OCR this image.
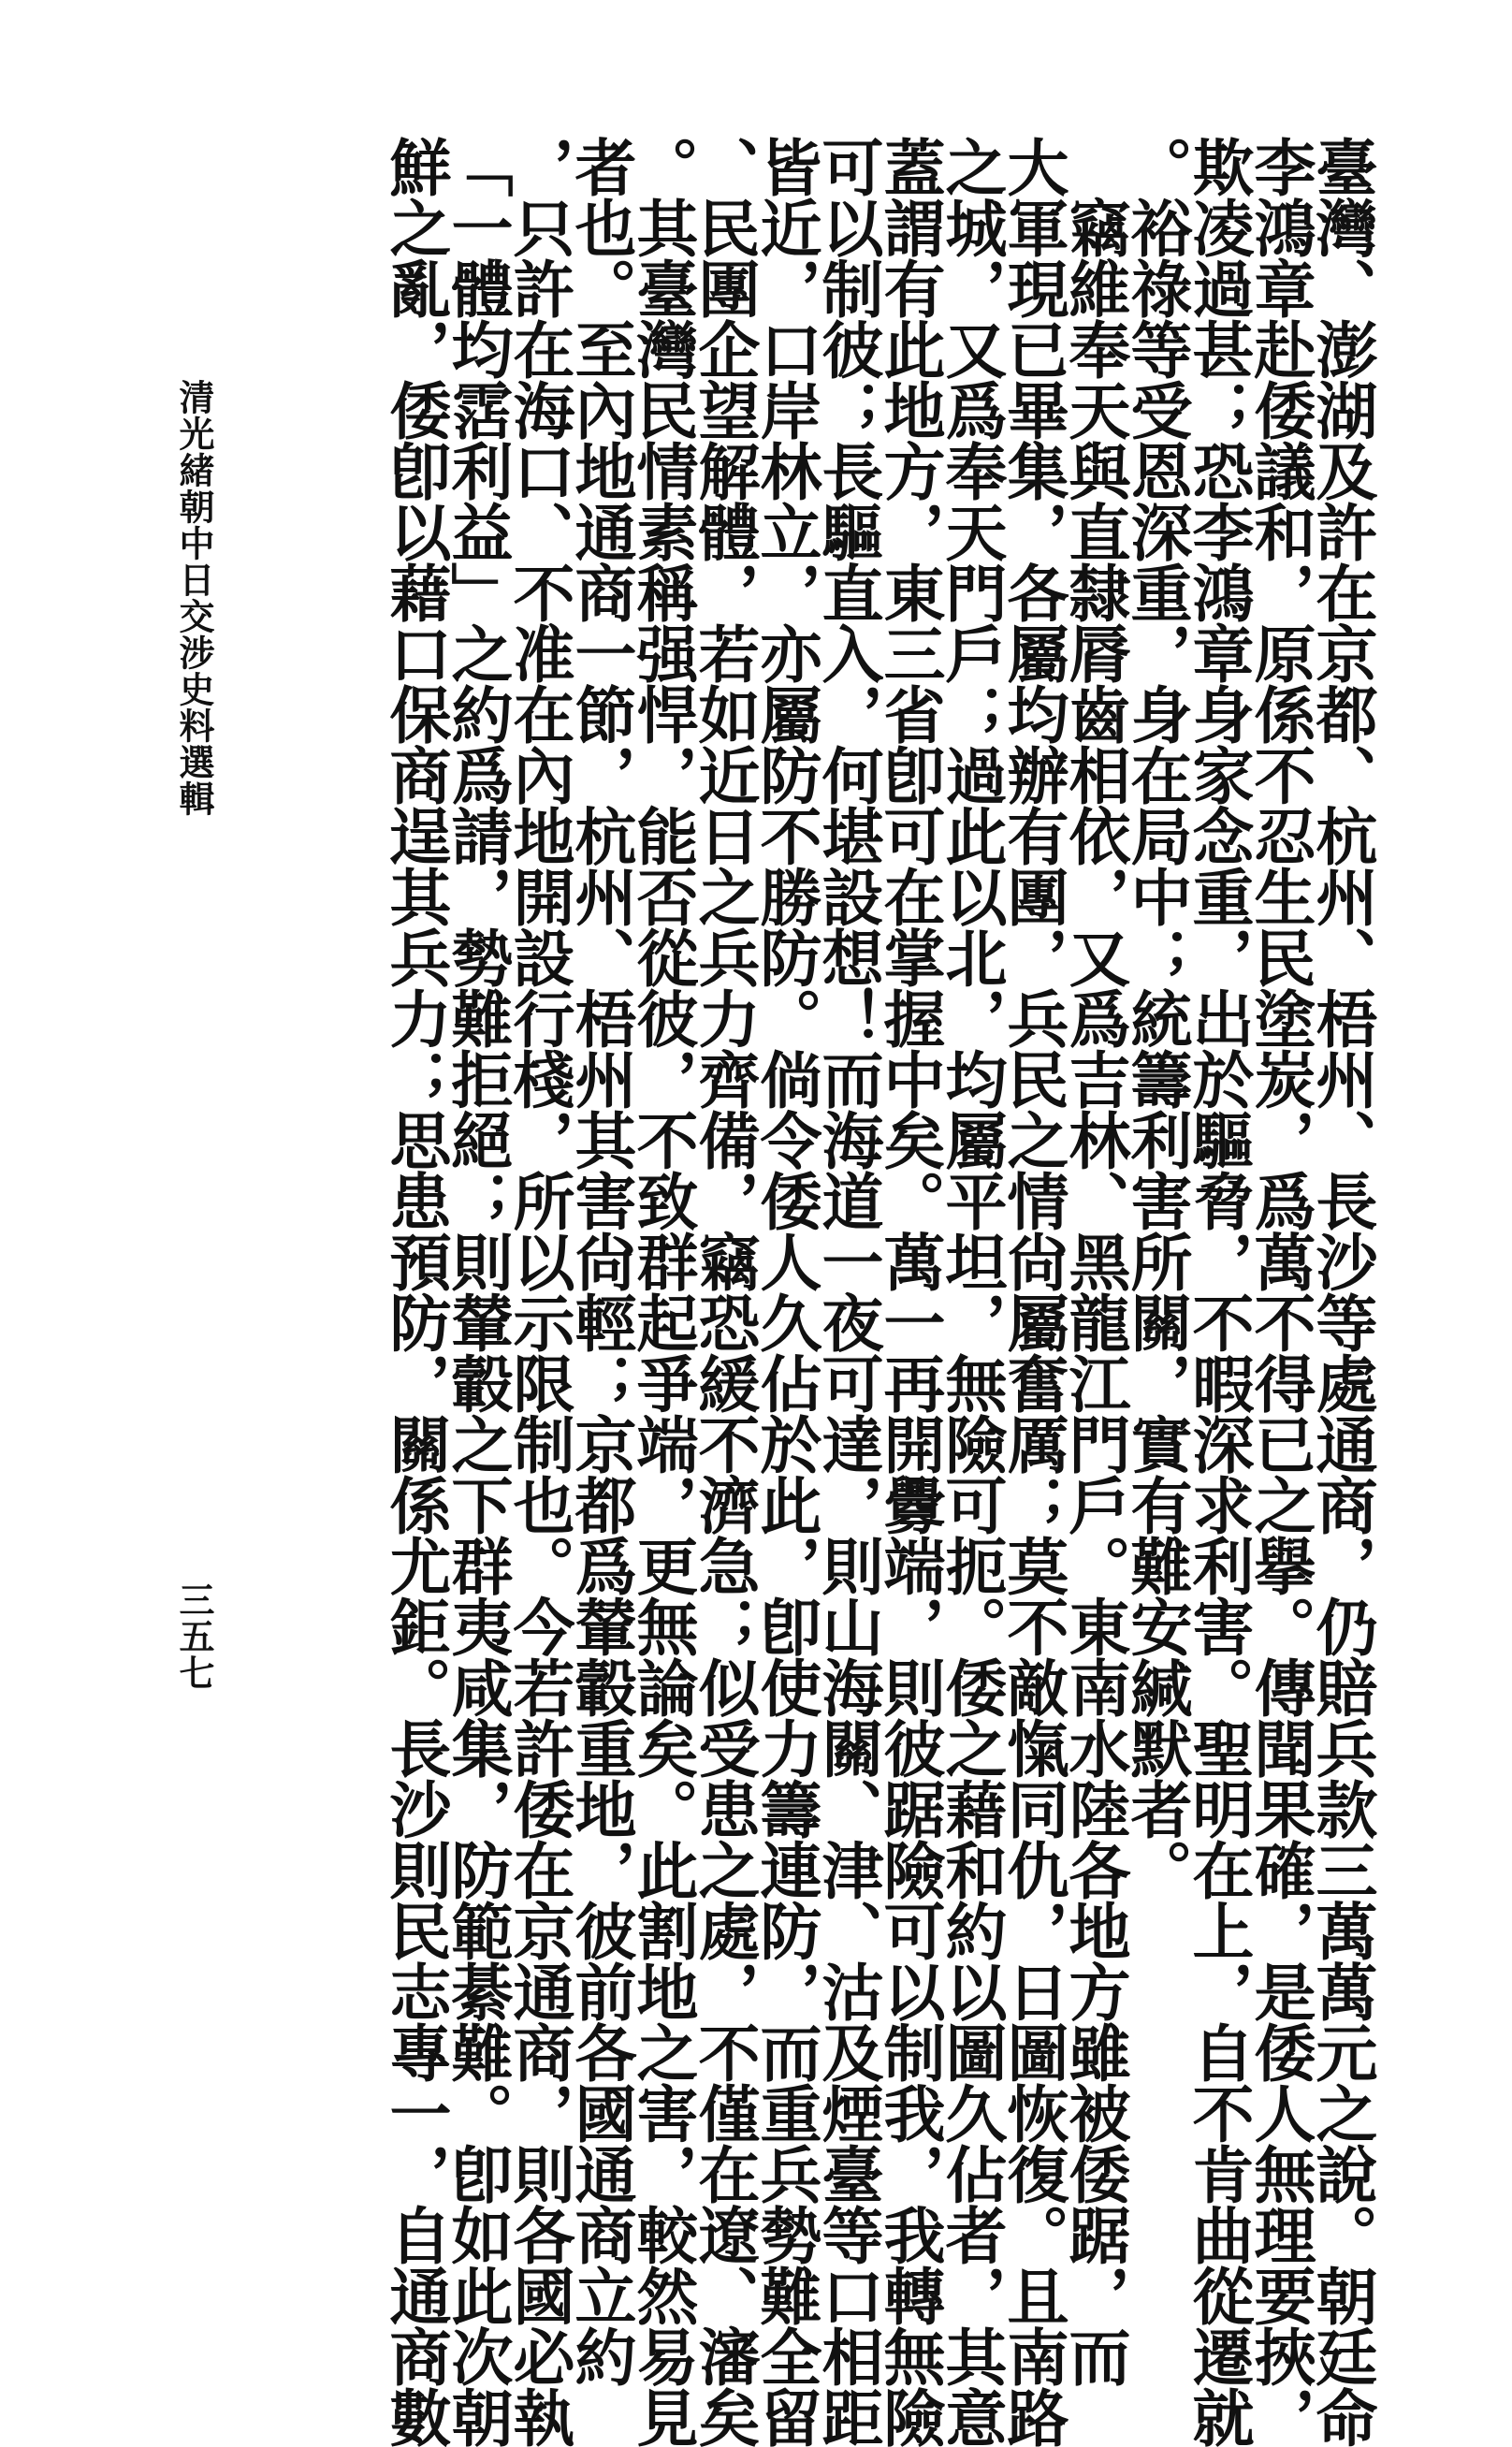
臺灣、澎湖及許在京都、杭州、梧州、長沙等處通商，仍賠兵款三萬萬元之說。朝廷命
李鴻章赴倭議和，原係不忍生民塗炭，爲萬不得已之擧。傳聞果確，是倭人無理要挾，
欺凌過甚；恐李鴻章身家念重，出於驅脅，不暇深求利害。聖明在上，自不肯曲從遷就
。裕祿等受恩深重，身在局中；統籌利害所關，實有難安緘默者。
　竊維奉天與直隸脣齒相依，又爲吉林、黑龍江門戶。東南水陸各地方雖被倭踞，而
大軍現已畢集，各屬均辦有團，兵民之情尙屬奮厲；莫不敵愾同仇，日圖恢復。且南路
之城，又爲奉天門戶；過此以北，均屬平坦，無險可扼。倭之藉和約以圖久佔者，其意
蓋謂有此地方，東三省卽可在掌握中矣。萬一再開釁端，則彼踞險可以制我，我轉無險
可以制彼；長驅直入，何堪設想！而海道一夜可達，則山海關、津、沽及煙臺等口相距
皆近，口岸林立，亦屬防不勝防。倘令倭人久佔於此，卽使力籌連防，而重兵勢難全留
、民團企望解體，若如近日之兵力齊備，竊恐緩不濟急；似受患之處，不僅在遼、瀋矣
。其臺灣民情素稱强悍，能否從彼，不致群起爭端，更無論矣。此割地之害，較然易見
者也。至內地通商一節，杭州、梧州其害尙輕；京都爲輦轂重地，彼前各國通商立約
，只許在海口、不准在內地開設行棧，所以示限制也。今若許倭在京通商，則各國必執
「一體均霑利益」之約爲請，勢難拒絕；則輦轂之下群夷咸集，防範綦難。卽如此次朝
鮮之亂，倭卽以藉口保商逞其兵力；思患預防，關係尤鉅。長沙則民志專一，自通商數
清光緒朝中日交涉史料選輯
三五七
